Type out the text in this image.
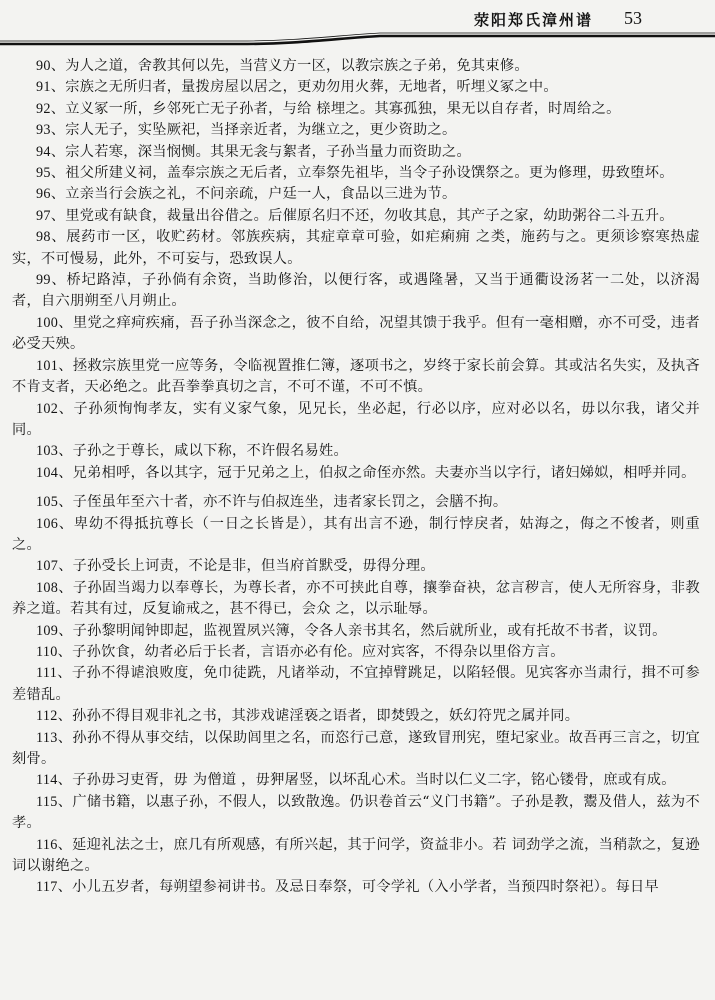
荥阳郑氏漳州谱 53

90、为人之道，舍教其何以先，当营义方一区，以教宗族之子弟，免其束修。

91、宗族之无所归者，量拨房屋以居之，更劝勿用火葬，无地者，听埋义冢之中。

92、立义冢一所，乡邻死亡无子孙者，与给 榇埋之。其寡孤独，果无以自存者，时周给之。

93、宗人无子，实坠厥祀，当择亲近者，为继立之，更少资助之。

94、宗人若寒，深当悯恻。其果无衾与絮者，子孙当量力而资助之。

95、祖父所建义祠，盖奉宗族之无后者，立奉祭先祖毕，当令子孙设馔祭之。更为修理，毋致堕坏。

96、立亲当行会族之礼，不问亲疏，户廷一人，食品以三进为节。

97、里党或有缺食，裁量出谷借之。后催原名归不还，勿收其息，其产子之家，幼助粥谷二斗五升。

98、展药市一区，收贮药材。邻族疾病，其症章章可验，如疟痢痈 之类，施药与之。更须诊察寒热虚实，不可慢易，此外，不可妄与，恐致误人。

99、桥圮路淖，子孙倘有余资，当助修治，以便行客，或遇隆暑，又当于通衢设汤茗一二处，以济渴者，自六朋朔至八月朔止。

100、里党之痒疴疾痛，吾子孙当深念之，彼不自给，况望其馈于我乎。但有一毫相赠，亦不可受，违者必受天殃。

101、拯救宗族里党一应等务，令临视置推仁簿，逐项书之，岁终于家长前会算。其或沽名失实，及执吝不肯支者，天必绝之。此吾拳拳真切之言，不可不谨，不可不慎。

102、子孙须恂恂孝友，实有义家气象，见兄长，坐必起，行必以序，应对必以名，毋以尔我，诸父并同。

103、子孙之于尊长，咸以下称，不许假名易姓。

104、兄弟相呼，各以其字，冠于兄弟之上，伯叔之命侄亦然。夫妻亦当以字行，诸妇娣姒，相呼并同。

105、子侄虽年至六十者，亦不许与伯叔连坐，违者家长罚之，会膳不拘。

106、卑幼不得抵抗尊长（一日之长皆是），其有出言不逊，制行悖戾者，姑海之，侮之不悛者，则重 之。

107、子孙受长上诃责，不论是非，但当府首默受，毋得分理。

108、子孙固当竭力以奉尊长，为尊长者，亦不可挟此自尊，攘拳奋袂，忿言秽言，使人无所容身，非教养之道。若其有过，反复谕戒之，甚不得已，会众 之，以示耻辱。

109、子孙黎明闻钟即起，监视置夙兴簿，令各人亲书其名，然后就所业，或有托故不书者，议罚。

110、子孙饮食，幼者必后于长者，言语亦必有伦。应对宾客，不得杂以里俗方言。

111、子孙不得谑浪败度，免巾徒跣，凡诸举动，不宜掉臂跳足，以陷轻偎。见宾客亦当肃行，揖不可参差错乱。

112、孙孙不得目观非礼之书，其涉戏谑淫亵之语者，即焚毁之，妖幻符咒之属并同。

113、孙孙不得从事交结，以保助闾里之名，而恣行己意，遂致冒刑宪，堕圮家业。故吾再三言之，切宜刻骨。

114、子孙毋习吏胥，毋 为僧道 ，毋狎屠竖，以坏乱心术。当时以仁义二字，铭心镂骨，庶或有成。

115、广储书籍，以惠子孙，不假人，以致散逸。仍识卷首云“义门书籍”。子孙是教，鬻及借人，兹为不孝。

116、延迎礼法之士，庶几有所观感，有所兴起，其于问学，资益非小。若 词劲学之流，当稍款之，复逊词以谢绝之。

117、小儿五岁者，每朔望参祠讲书。及忌日奉祭，可令学礼（入小学者，当预四时祭祀）。每日早
